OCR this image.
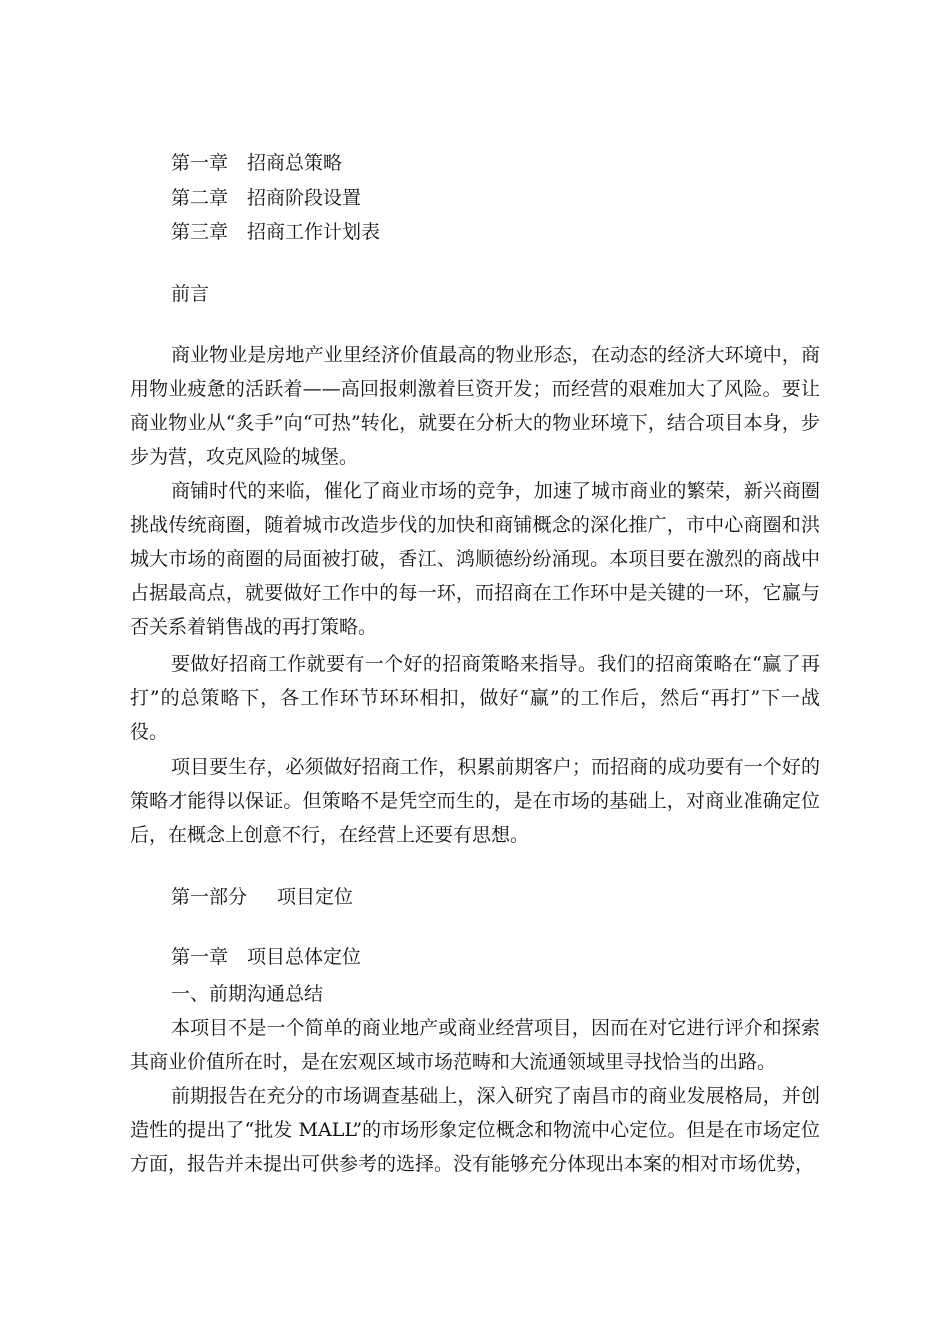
第一章 招商总策略
第二章 招商阶段设置
第三章 招商工作计划表
前言

商业物业是房地产业里经济价值最高的物业形态，在动态的经济大环境中，商用物业疲惫的活跃着——高回报刺激着巨资开发；而经营的艰难加大了风险。要让商业物业从“炙手”向“可热”转化，就要在分析大的物业环境下，结合项目本身，步步为营，攻克风险的城堡。

商铺时代的来临，催化了商业市场的竞争，加速了城市商业的繁荣，新兴商圈挑战传统商圈，随着城市改造步伐的加快和商铺概念的深化推广，市中心商圈和洪城大市场的商圈的局面被打破，香江、鸿顺德纷纷涌现。本项目要在激烈的商战中占据最高点，就要做好工作中的每一环，而招商在工作环中是关键的一环，它赢与否关系着销售战的再打策略。

要做好招商工作就要有一个好的招商策略来指导。我们的招商策略在“赢了再打”的总策略下，各工作环节环环相扣，做好“赢”的工作后，然后“再打”下一战役。

项目要生存，必须做好招商工作，积累前期客户；而招商的成功要有一个好的策略才能得以保证。但策略不是凭空而生的，是在市场的基础上，对商业准确定位后，在概念上创意不行，在经营上还要有思想。

第一部分 项目定位
第一章 项目总体定位
一、前期沟通总结

本项目不是一个简单的商业地产或商业经营项目，因而在对它进行评介和探索其商业价值所在时，是在宏观区域市场范畴和大流通领域里寻找恰当的出路。

前期报告在充分的市场调查基础上，深入研究了南昌市的商业发展格局，并创造性的提出了“批发 MALL”的市场形象定位概念和物流中心定位。但是在市场定位方面，报告并未提出可供参考的选择。没有能够充分体现出本案的相对市场优势，
